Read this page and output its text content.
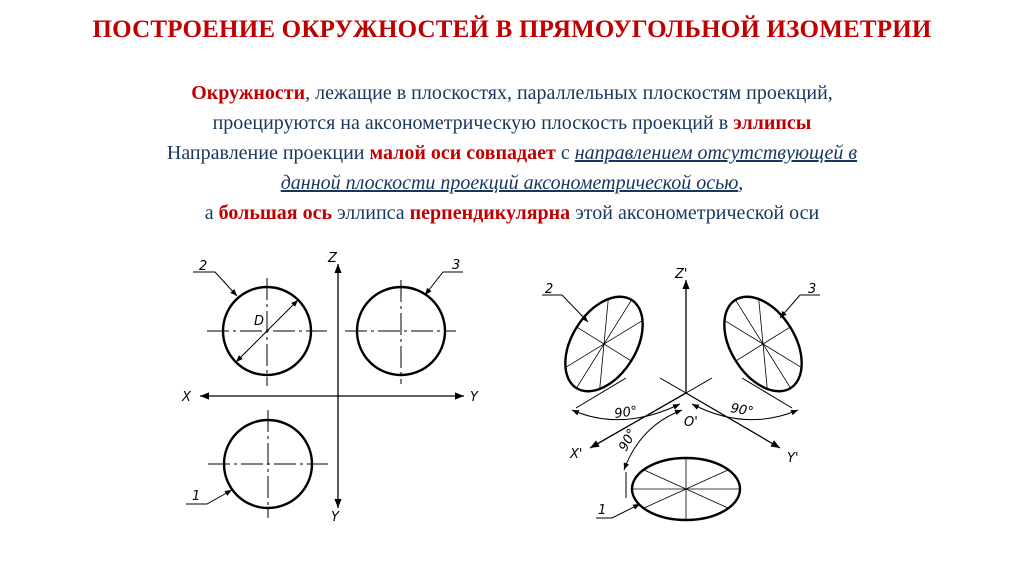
ПОСТРОЕНИЕ ОКРУЖНОСТЕЙ В ПРЯМОУГОЛЬНОЙ ИЗОМЕТРИИ
Окружности, лежащие в плоскостях, параллельных плоскостям проекций,
проецируются на аксонометрическую плоскость проекций в эллипсы
Направление проекции малой оси совпадает с направлением отсутствующей в
данной плоскости проекций аксонометрической осью,
а большая ось эллипса перпендикулярна этой аксонометрической оси
Z
X	Y
Y
2	3
1
D
Z'
X'	Y'
O'
2	3
1
90°	90°
90°
